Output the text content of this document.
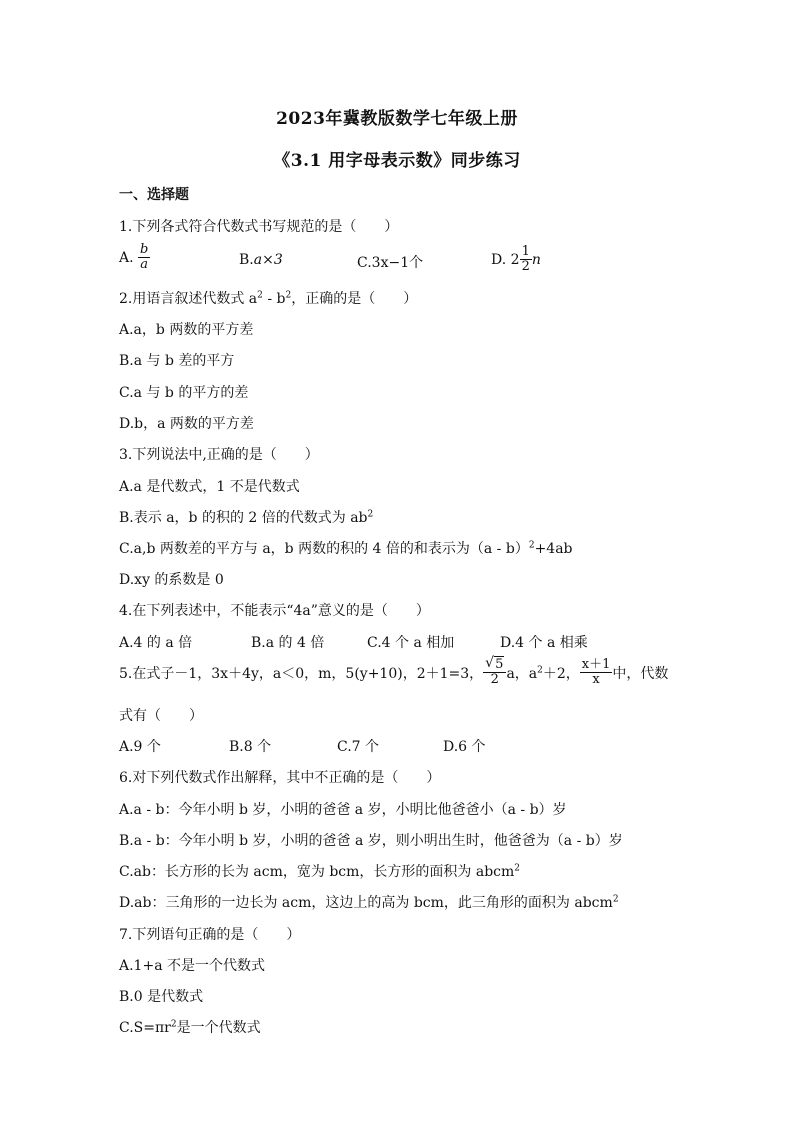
2023年冀教版数学七年级上册
《3.1 用字母表示数》同步练习
一、选择题
1.下列各式符合代数式书写规范的是（　　）
A. $\frac{b}{a}$	B.a×3	C.3x−1个	D. $2 \frac{1}{2}$ n
2.用语言叙述代数式 $a^2 - b^2$，正确的是（　　）
A.a，b 两数的平方差
B.a 与 b 差的平方
C.a 与 b 的平方的差
D.b，a 两数的平方差
3.下列说法中,正确的是（　　）
A.a 是代数式，1 不是代数式
B.表示 a，b 的积的 2 倍的代数式为 $ab^2$
C.a,b 两数差的平方与 a，b 两数的积的 4 倍的和表示为（a - b）$^2$+4ab
D.xy 的系数是 0
4.在下列表述中，不能表示“4a”意义的是（　　）
A.4 的 a 倍	B.a 的 4 倍	C.4 个 a 相加	D.4 个 a 相乘
5.在式子－1，3x＋4y，a＜0，m，5(y+10)，2＋1=3， $\frac{√ 5}{2}$ a，$a^2+2$， $\frac{x+1}{x}$ 中，代数
式有（　　）
A.9 个	B.8 个	C.7 个	D.6 个
6.对下列代数式作出解释，其中不正确的是（　　）
A.a - b：今年小明 b 岁，小明的爸爸 a 岁，小明比他爸爸小（a - b）岁
B.a - b：今年小明 b 岁，小明的爸爸 a 岁，则小明出生时，他爸爸为（a - b）岁
C.ab：长方形的长为 acm，宽为 bcm，长方形的面积为 abcm$^2$
D.ab：三角形的一边长为 acm，这边上的高为 bcm，此三角形的面积为 abcm$^2$
7.下列语句正确的是（　　）
A.1+a 不是一个代数式
B.0 是代数式
$C.S=\pi r^2$是一个代数式
